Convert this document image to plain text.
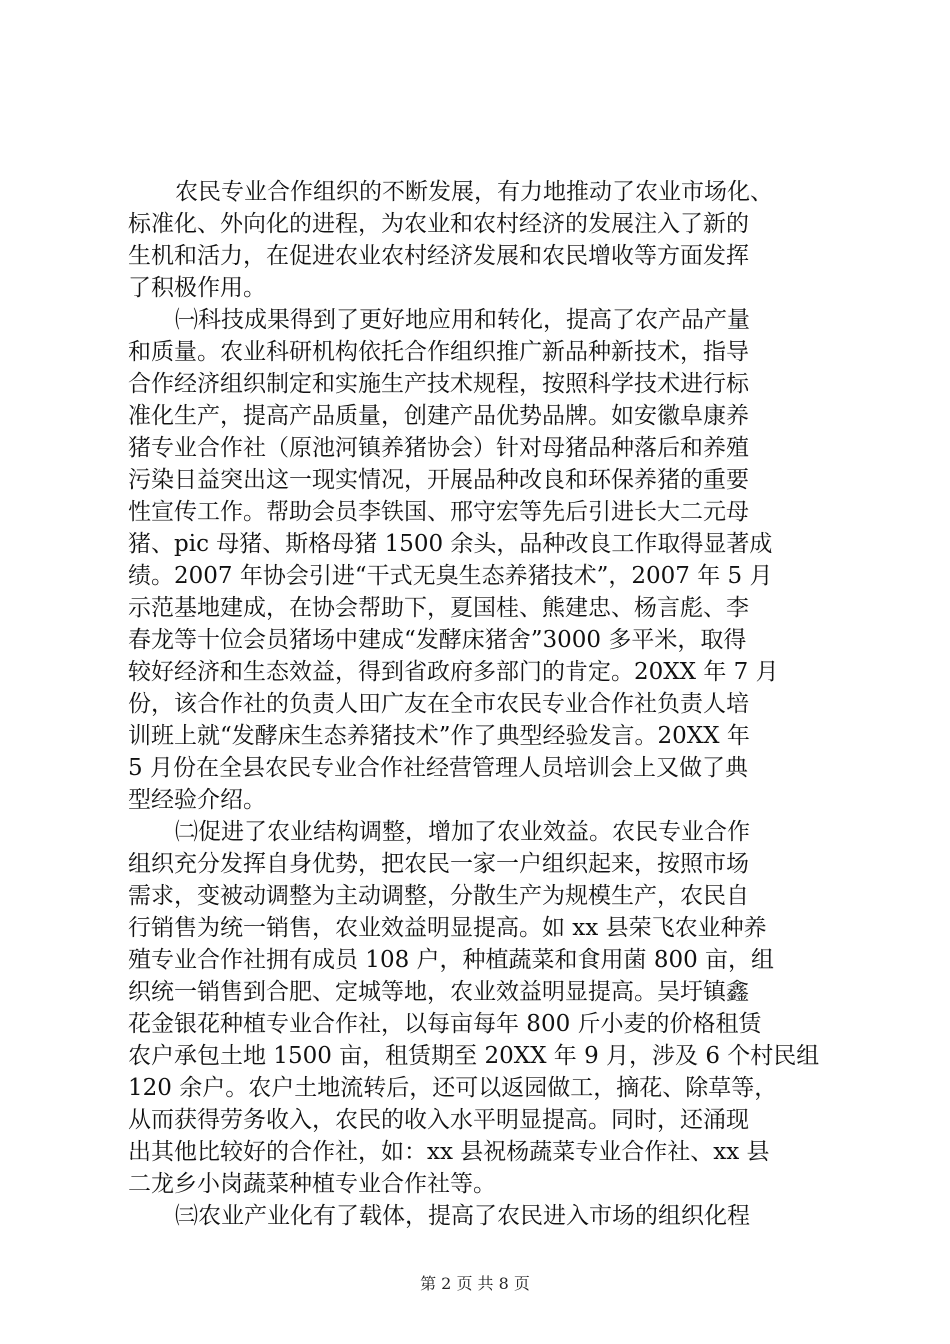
农民专业合作组织的不断发展，有力地推动了农业市场化、
标准化、外向化的进程，为农业和农村经济的发展注入了新的
生机和活力，在促进农业农村经济发展和农民增收等方面发挥
了积极作用。
㈠科技成果得到了更好地应用和转化，提高了农产品产量
和质量。农业科研机构依托合作组织推广新品种新技术，指导
合作经济组织制定和实施生产技术规程，按照科学技术进行标
准化生产，提高产品质量，创建产品优势品牌。如安徽阜康养
猪专业合作社（原池河镇养猪协会）针对母猪品种落后和养殖
污染日益突出这一现实情况，开展品种改良和环保养猪的重要
性宣传工作。帮助会员李铁国、邢守宏等先后引进长大二元母
猪、pic 母猪、斯格母猪 1500 余头，品种改良工作取得显著成
绩。2007 年协会引进“干式无臭生态养猪技术”，2007 年 5 月
示范基地建成，在协会帮助下，夏国桂、熊建忠、杨言彪、李
春龙等十位会员猪场中建成“发酵床猪舍”3000 多平米，取得
较好经济和生态效益，得到省政府多部门的肯定。20XX 年 7 月
份，该合作社的负责人田广友在全市农民专业合作社负责人培
训班上就“发酵床生态养猪技术”作了典型经验发言。20XX 年
5 月份在全县农民专业合作社经营管理人员培训会上又做了典
型经验介绍。
㈡促进了农业结构调整，增加了农业效益。农民专业合作
组织充分发挥自身优势，把农民一家一户组织起来，按照市场
需求，变被动调整为主动调整，分散生产为规模生产，农民自
行销售为统一销售，农业效益明显提高。如 xx 县荣飞农业种养
殖专业合作社拥有成员 108 户，种植蔬菜和食用菌 800 亩，组
织统一销售到合肥、定城等地，农业效益明显提高。吴圩镇鑫
花金银花种植专业合作社，以每亩每年 800 斤小麦的价格租赁
农户承包土地 1500 亩，租赁期至 20XX 年 9 月，涉及 6 个村民组
120 余户。农户土地流转后，还可以返园做工，摘花、除草等，
从而获得劳务收入，农民的收入水平明显提高。同时，还涌现
出其他比较好的合作社，如：xx 县祝杨蔬菜专业合作社、xx 县
二龙乡小岗蔬菜种植专业合作社等。
㈢农业产业化有了载体，提高了农民进入市场的组织化程
第 2 页 共 8 页
